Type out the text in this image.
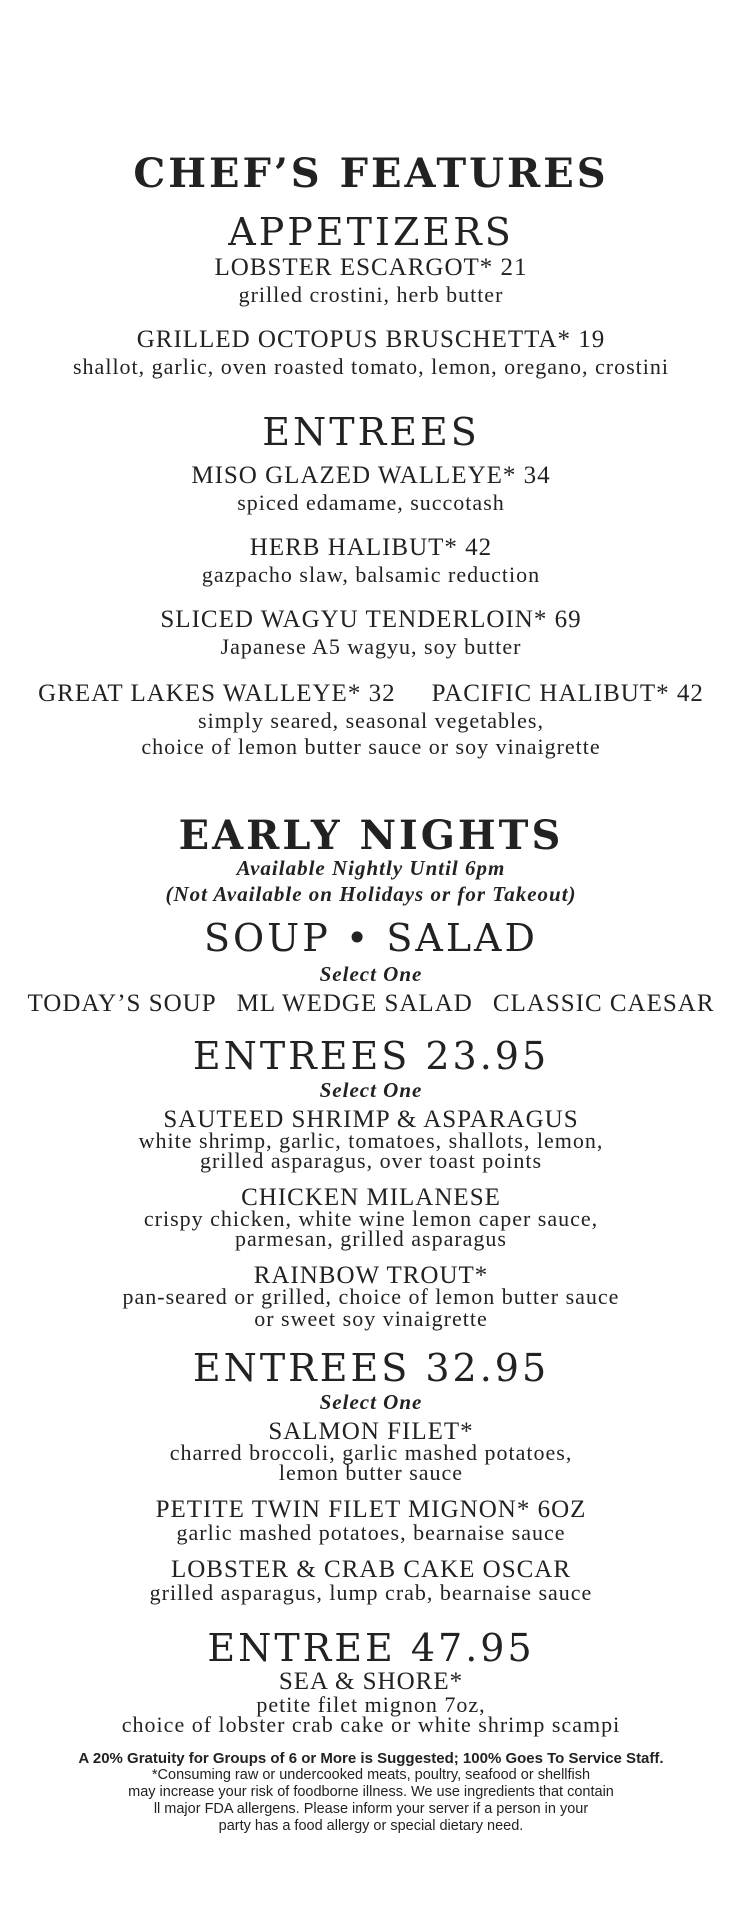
CHEF’S FEATURES
APPETIZERS
LOBSTER ESCARGOT* 21
grilled crostini, herb butter
GRILLED OCTOPUS BRUSCHETTA* 19
shallot, garlic, oven roasted tomato, lemon, oregano, crostini
ENTREES
MISO GLAZED WALLEYE* 34
spiced edamame, succotash
HERB HALIBUT* 42
gazpacho slaw, balsamic reduction
SLICED WAGYU TENDERLOIN* 69
Japanese A5 wagyu, soy butter
GREAT LAKES WALLEYE* 32 PACIFIC HALIBUT* 42
simply seared, seasonal vegetables,
choice of lemon butter sauce or soy vinaigrette
EARLY NIGHTS
Available Nightly Until 6pm
(Not Available on Holidays or for Takeout)
SOUP • SALAD
Select One
TODAY’S SOUP ML WEDGE SALAD CLASSIC CAESAR
ENTREES 23.95
Select One
SAUTEED SHRIMP & ASPARAGUS
white shrimp, garlic, tomatoes, shallots, lemon,
grilled asparagus, over toast points
CHICKEN MILANESE
crispy chicken, white wine lemon caper sauce,
parmesan, grilled asparagus
RAINBOW TROUT*
pan-seared or grilled, choice of lemon butter sauce
or sweet soy vinaigrette
ENTREES 32.95
Select One
SALMON FILET*
charred broccoli, garlic mashed potatoes,
lemon butter sauce
PETITE TWIN FILET MIGNON* 6OZ
garlic mashed potatoes, bearnaise sauce
LOBSTER & CRAB CAKE OSCAR
grilled asparagus, lump crab, bearnaise sauce
ENTREE 47.95
SEA & SHORE*
petite filet mignon 7oz,
choice of lobster crab cake or white shrimp scampi
A 20% Gratuity for Groups of 6 or More is Suggested; 100% Goes To Service Staff.
*Consuming raw or undercooked meats, poultry, seafood or shellfish
may increase your risk of foodborne illness. We use ingredients that contain
ll major FDA allergens. Please inform your server if a person in your
party has a food allergy or special dietary need.
